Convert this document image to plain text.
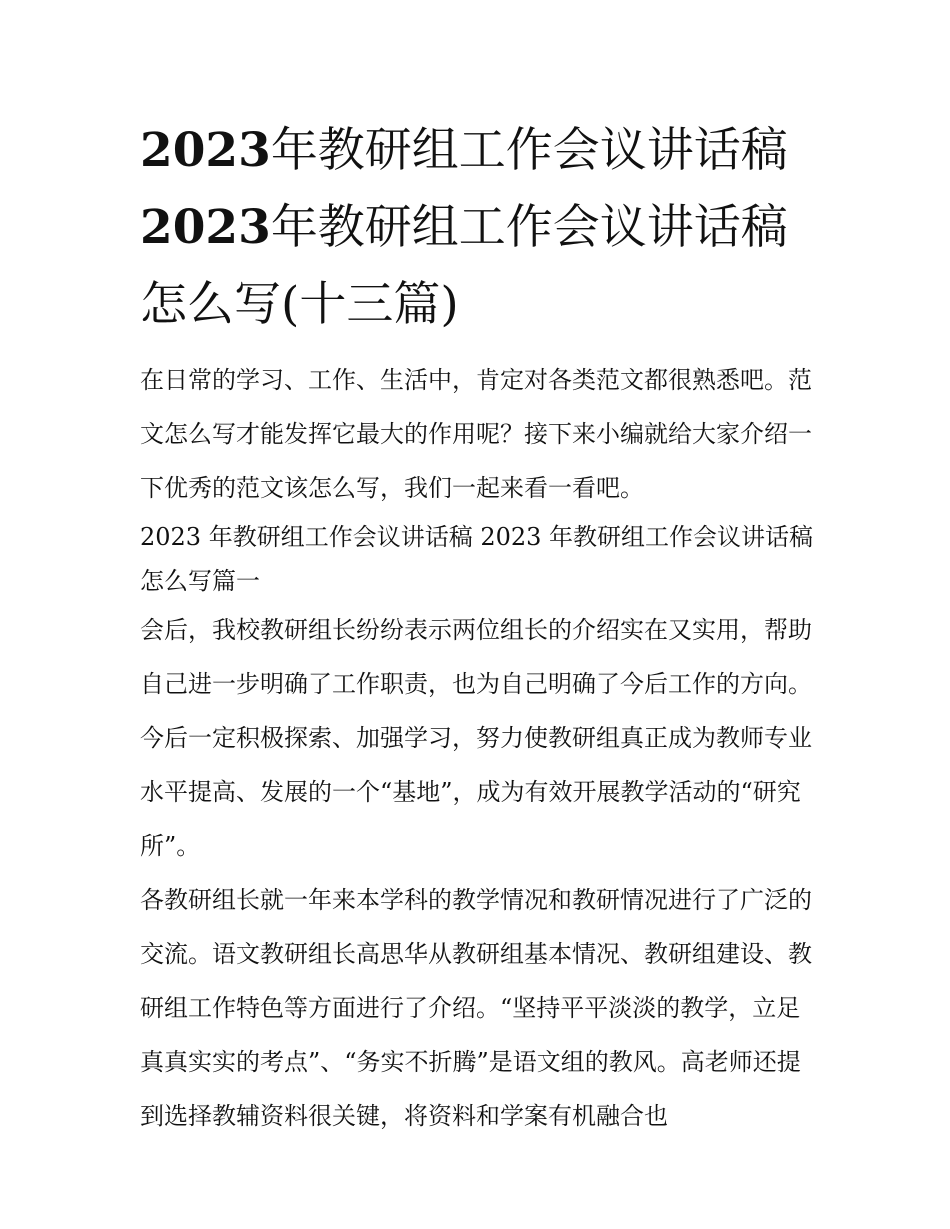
2023年教研组工作会议讲话稿
2023年教研组工作会议讲话稿
怎么写(十三篇)

在日常的学习、工作、生活中，肯定对各类范文都很熟悉吧。范文怎么写才能发挥它最大的作用呢？接下来小编就给大家介绍一下优秀的范文该怎么写，我们一起来看一看吧。

2023 年教研组工作会议讲话稿 2023 年教研组工作会议讲话稿怎么写篇一

会后，我校教研组长纷纷表示两位组长的介绍实在又实用，帮助自己进一步明确了工作职责，也为自己明确了今后工作的方向。今后一定积极探索、加强学习，努力使教研组真正成为教师专业水平提高、发展的一个“基地”，成为有效开展教学活动的“研究所”。

各教研组长就一年来本学科的教学情况和教研情况进行了广泛的交流。语文教研组长高思华从教研组基本情况、教研组建设、教研组工作特色等方面进行了介绍。“坚持平平淡淡的教学，立足真真实实的考点”、“务实不折腾”是语文组的教风。高老师还提到选择教辅资料很关键，将资料和学案有机融合也
